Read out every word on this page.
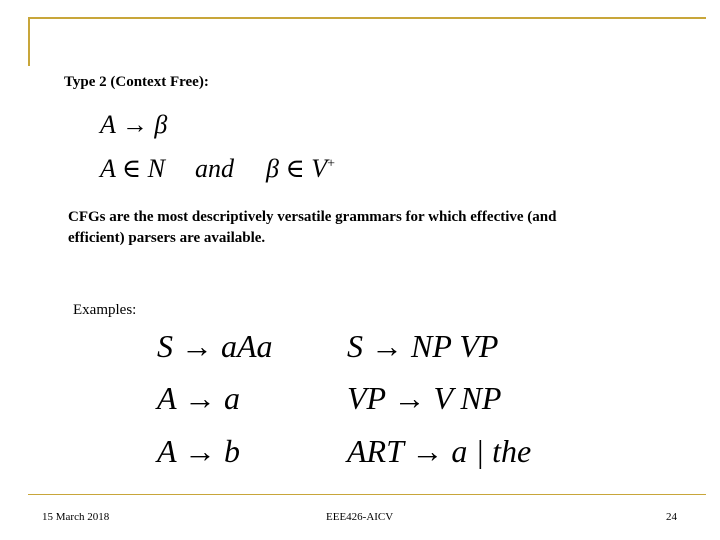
Type 2 (Context Free):
A → β
A ∈ N and β ∈ V+
CFGs are the most descriptively versatile grammars for which effective (and efficient) parsers are available.
Examples:
S → aAa
A → a
A → b
S → NP VP
VP → V NP
ART → a | the
15 March 2018	EEE426-AICV	24
